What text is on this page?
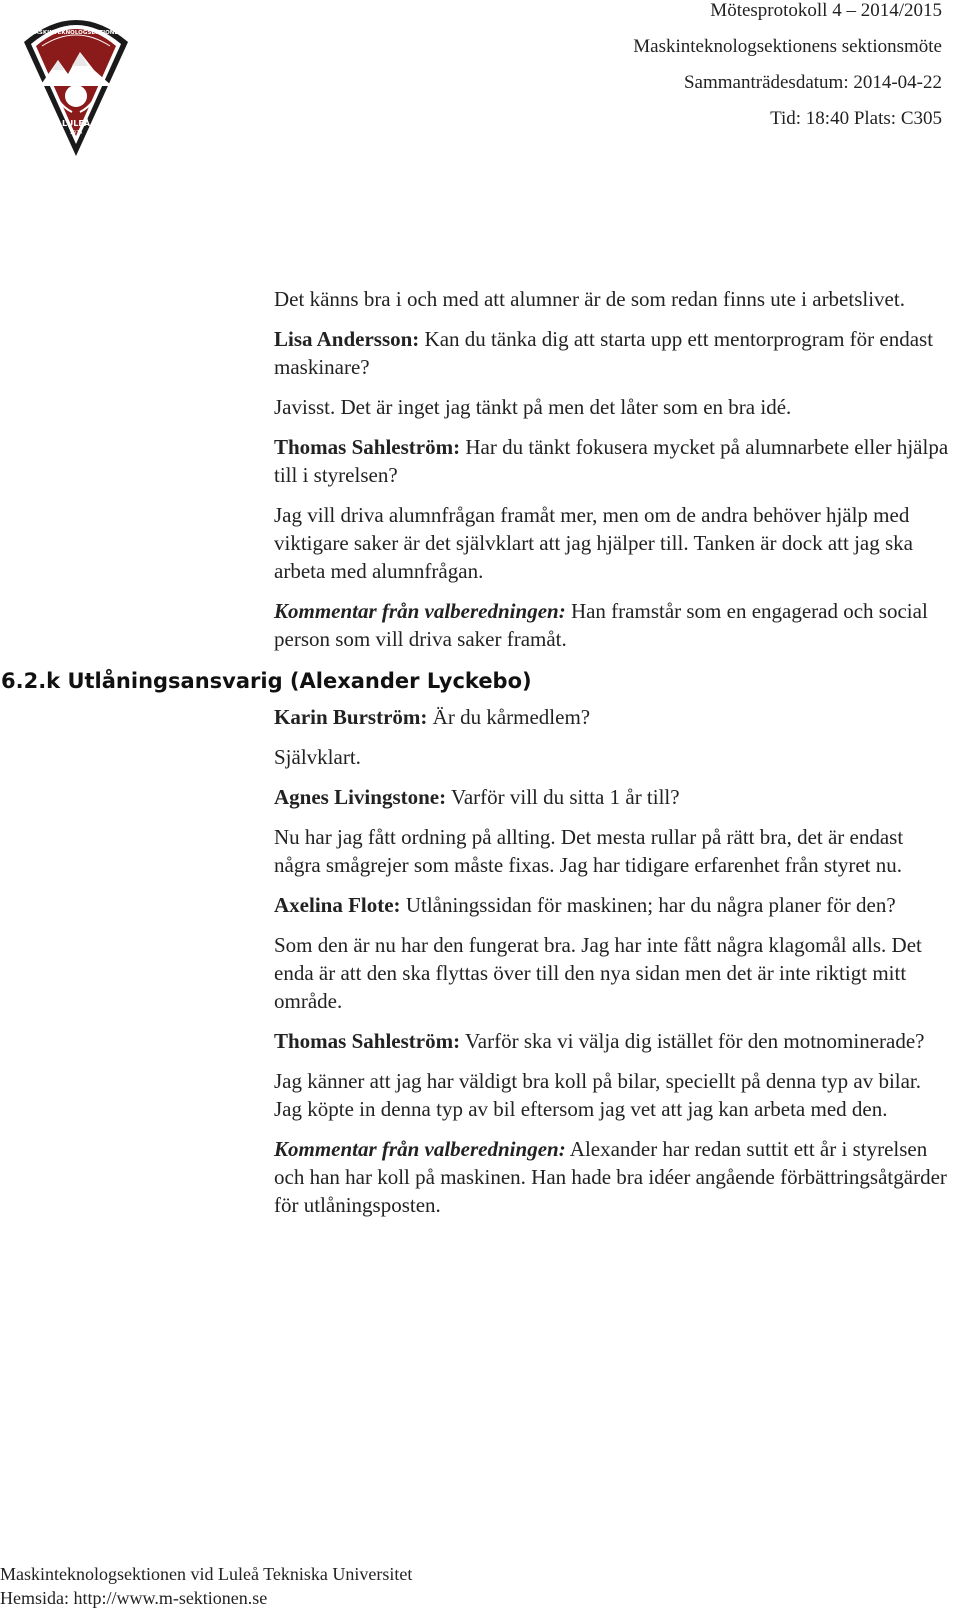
MASKINTEKNOLOGSEKTIONEN
LULEÅ
1974
Mötesprotokoll 4 – 2014/2015
Maskinteknologsektionens sektionsmöte
Sammanträdesdatum: 2014-04-22
Tid: 18:40 Plats: C305

Det känns bra i och med att alumner är de som redan finns ute i arbetslivet.

Lisa Andersson: Kan du tänka dig att starta upp ett mentorprogram för endast maskinare?

Javisst. Det är inget jag tänkt på men det låter som en bra idé.

Thomas Sahleström: Har du tänkt fokusera mycket på alumnarbete eller hjälpa till i styrelsen?

Jag vill driva alumnfrågan framåt mer, men om de andra behöver hjälp med viktigare saker är det självklart att jag hjälper till. Tanken är dock att jag ska arbeta med alumnfrågan.

Kommentar från valberedningen: Han framstår som en engagerad och social person som vill driva saker framåt.

6.2.k Utlåningsansvarig (Alexander Lyckebo)

Karin Burström: Är du kårmedlem?

Självklart.

Agnes Livingstone: Varför vill du sitta 1 år till?

Nu har jag fått ordning på allting. Det mesta rullar på rätt bra, det är endast några smågrejer som måste fixas. Jag har tidigare erfarenhet från styret nu.

Axelina Flote: Utlåningssidan för maskinen; har du några planer för den?

Som den är nu har den fungerat bra. Jag har inte fått några klagomål alls. Det enda är att den ska flyttas över till den nya sidan men det är inte riktigt mitt område.

Thomas Sahleström: Varför ska vi välja dig istället för den motnominerade?

Jag känner att jag har väldigt bra koll på bilar, speciellt på denna typ av bilar. Jag köpte in denna typ av bil eftersom jag vet att jag kan arbeta med den.

Kommentar från valberedningen: Alexander har redan suttit ett år i styrelsen och han har koll på maskinen. Han hade bra idéer angående förbättringsåtgärder för utlåningsposten.

Maskinteknologsektionen vid Luleå Tekniska Universitet
Hemsida: http://www.m-sektionen.se
